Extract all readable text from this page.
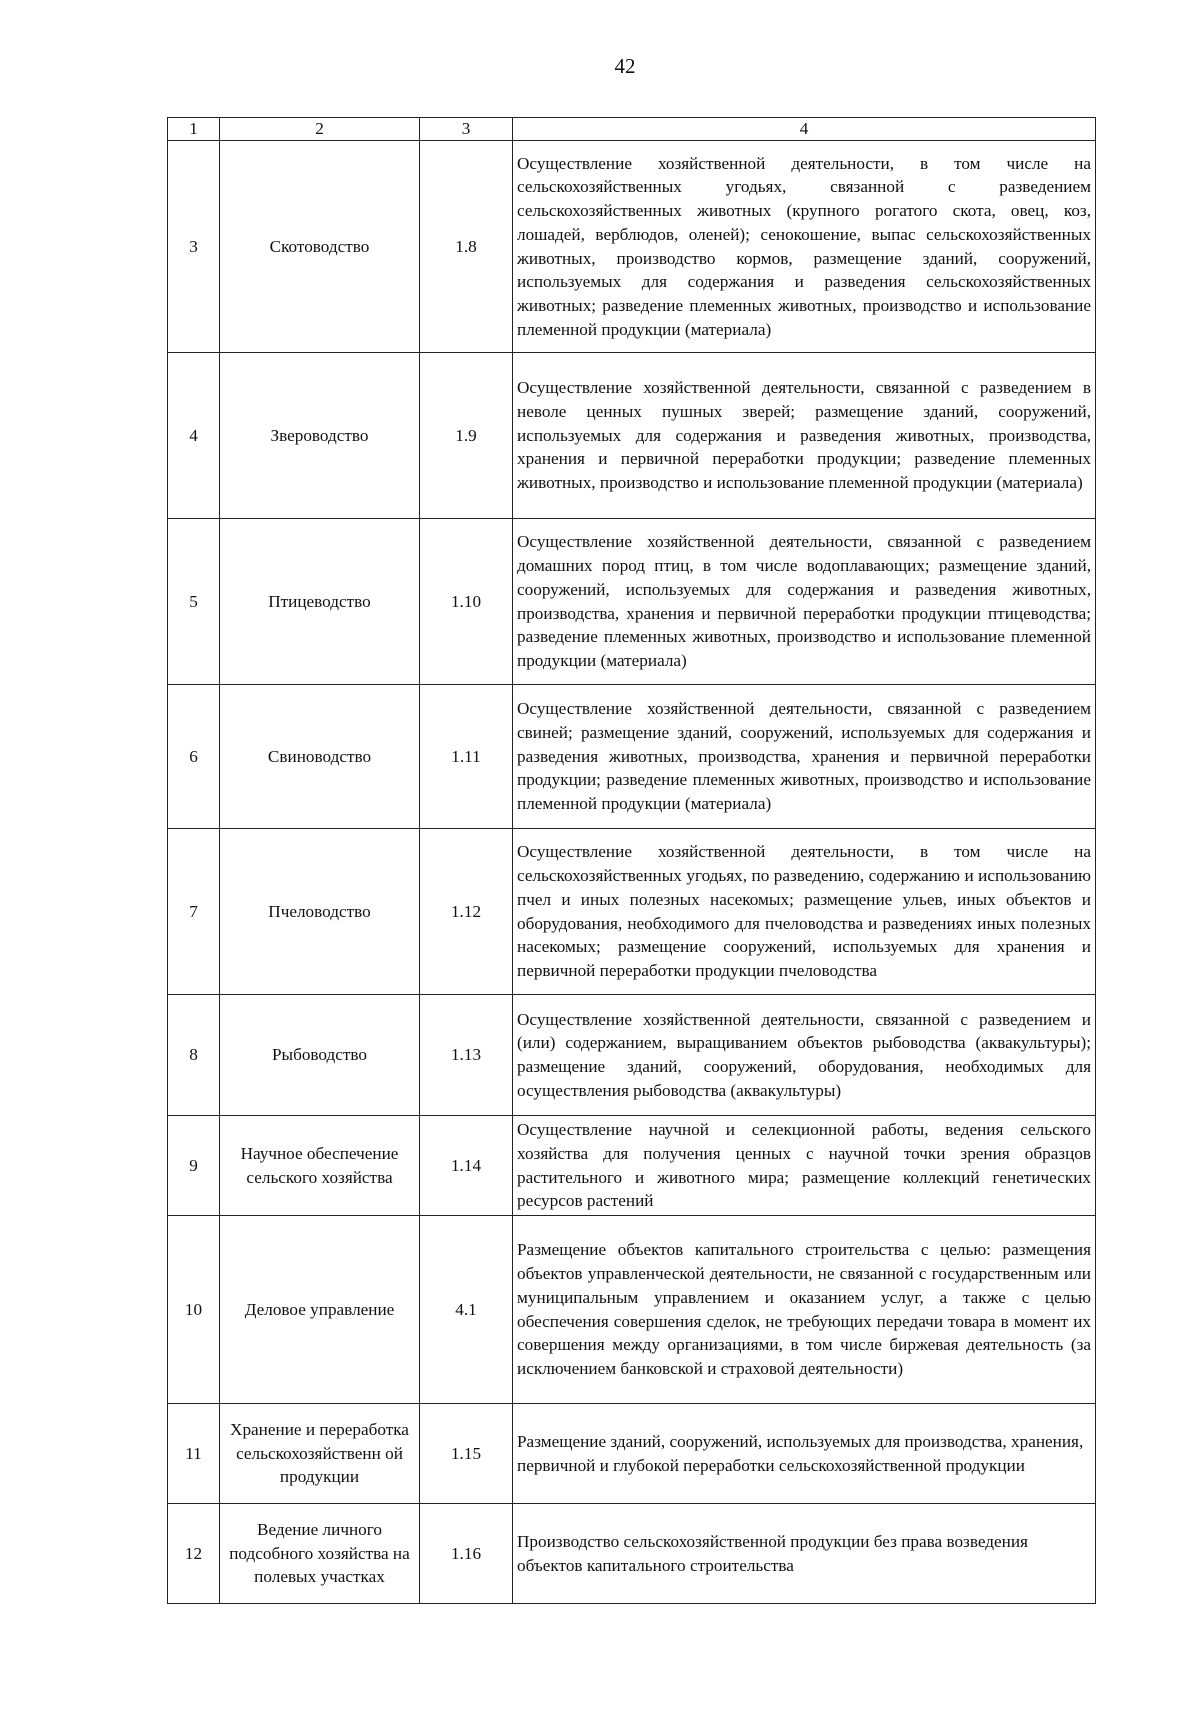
42
1	2	3	4
3	Скотоводство	1.8	Осуществление хозяйственной деятельности, в том числе на сельскохозяйственных угодьях, связанной с разведением сельскохозяйственных животных (крупного рогатого скота, овец, коз, лошадей, верблюдов, оленей); сенокошение, выпас сельскохозяйственных животных, производство кормов, размещение зданий, сооружений, используемых для содержания и разведения сельскохозяйственных животных; разведение племенных животных, производство и использование племенной продукции (материала)
4	Звероводство	1.9	Осуществление хозяйственной деятельности, связанной с разведением в неволе ценных пушных зверей; размещение зданий, сооружений, используемых для содержания и разведения животных, производства, хранения и первичной переработки продукции; разведение племенных животных, производство и использование племенной продукции (материала)
5	Птицеводство	1.10	Осуществление хозяйственной деятельности, связанной с разведением домашних пород птиц, в том числе водоплавающих; размещение зданий, сооружений, используемых для содержания и разведения животных, производства, хранения и первичной переработки продукции птицеводства; разведение племенных животных, производство и использование племенной продукции (материала)
6	Свиноводство	1.11	Осуществление хозяйственной деятельности, связанной с разведением свиней; размещение зданий, сооружений, используемых для содержания и разведения животных, производства, хранения и первичной переработки продукции; разведение племенных животных, производство и использование племенной продукции (материала)
7	Пчеловодство	1.12	Осуществление хозяйственной деятельности, в том числе на сельскохозяйственных угодьях, по разведению, содержанию и использованию пчел и иных полезных насекомых; размещение ульев, иных объектов и оборудования, необходимого для пчеловодства и разведениях иных полезных насекомых; размещение сооружений, используемых для хранения и первичной переработки продукции пчеловодства
8	Рыбоводство	1.13	Осуществление хозяйственной деятельности, связанной с разведением и (или) содержанием, выращиванием объектов рыбоводства (аквакультуры); размещение зданий, сооружений, оборудования, необходимых для осуществления рыбоводства (аквакультуры)
9	Научное обеспечение сельского хозяйства	1.14	Осуществление научной и селекционной работы, ведения сельского хозяйства для получения ценных с научной точки зрения образцов растительного и животного мира; размещение коллекций генетических ресурсов растений
10	Деловое управление	4.1	Размещение объектов капитального строительства с целью: размещения объектов управленческой деятельности, не связанной с государственным или муниципальным управлением и оказанием услуг, а также с целью обеспечения совершения сделок, не требующих передачи товара в момент их совершения между организациями, в том числе биржевая деятельность (за исключением банковской и страховой деятельности)
11	Хранение и переработка сельскохозяйственн ой продукции	1.15	Размещение зданий, сооружений, используемых для производства, хранения, первичной и глубокой переработки сельскохозяйственной продукции
12	Ведение личного подсобного хозяйства на полевых участках	1.16	Производство сельскохозяйственной продукции без права возведения объектов капитального строительства
